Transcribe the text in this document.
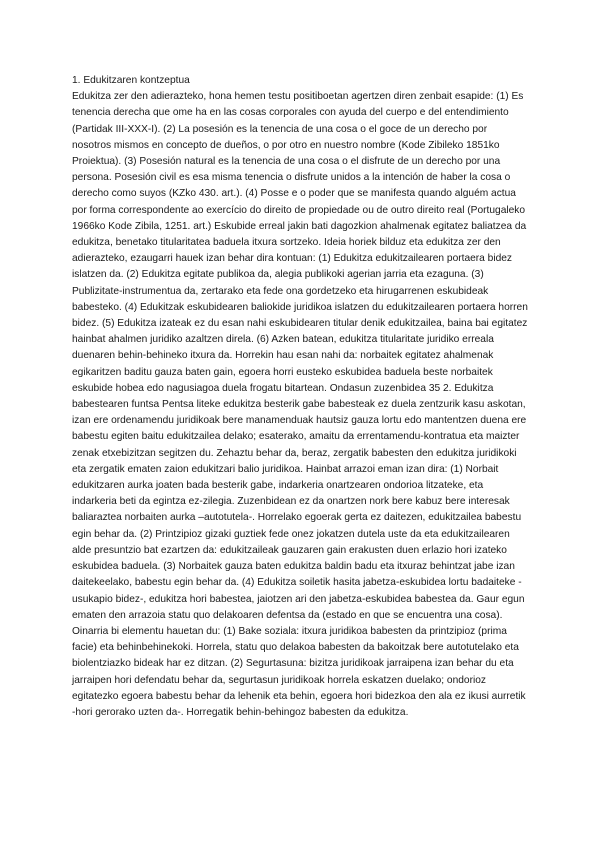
1. Edukitzaren kontzeptua

Edukitza zer den adierazteko, hona hemen testu positiboetan agertzen diren zenbait esapide: (1) Es tenencia derecha que ome ha en las cosas corporales con ayuda del cuerpo e del entendimiento (Partidak III-XXX-I). (2) La posesión es la tenencia de una cosa o el goce de un derecho por nosotros mismos en concepto de dueños, o por otro en nuestro nombre (Kode Zibileko 1851ko Proiektua). (3) Posesión natural es la tenencia de una cosa o el disfrute de un derecho por una persona. Posesión civil es esa misma tenencia o disfrute unidos a la intención de haber la cosa o derecho como suyos (KZko 430. art.). (4) Posse e o poder que se manifesta quando alguém actua por forma correspondente ao exercício do direito de propiedade ou de outro direito real (Portugaleko 1966ko Kode Zibila, 1251. art.) Eskubide erreal jakin bati dagozkion ahalmenak egitatez baliatzea da edukitza, benetako titularitatea baduela itxura sortzeko. Ideia horiek bilduz eta edukitza zer den adierazteko, ezaugarri hauek izan behar dira kontuan: (1) Edukitza edukitzailearen portaera bidez islatzen da. (2) Edukitza egitate publikoa da, alegia publikoki agerian jarria eta ezaguna. (3) Publizitate-instrumentua da, zertarako eta fede ona gordetzeko eta hirugarrenen eskubideak babesteko. (4) Edukitzak eskubidearen baliokide juridikoa islatzen du edukitzailearen portaera horren bidez. (5) Edukitza izateak ez du esan nahi eskubidearen titular denik edukitzailea, baina bai egitatez hainbat ahalmen juridiko azaltzen direla. (6) Azken batean, edukitza titularitate juridiko erreala duenaren behin-behineko itxura da. Horrekin hau esan nahi da: norbaitek egitatez ahalmenak egikaritzen baditu gauza baten gain, egoera horri eusteko eskubidea baduela beste norbaitek eskubide hobea edo nagusiagoa duela frogatu bitartean. Ondasun zuzenbidea 35 2. Edukitza babestearen funtsa Pentsa liteke edukitza besterik gabe babesteak ez duela zentzurik kasu askotan, izan ere ordenamendu juridikoak bere manamenduak hautsiz gauza lortu edo mantentzen duena ere babestu egiten baitu edukitzailea delako; esaterako, amaitu da errentamendu-kontratua eta maizter zenak etxebizitzan segitzen du. Zehaztu behar da, beraz, zergatik babesten den edukitza juridikoki eta zergatik ematen zaion edukitzari balio juridikoa. Hainbat arrazoi eman izan dira: (1) Norbait edukitzaren aurka joaten bada besterik gabe, indarkeria onartzearen ondorioa litzateke, eta indarkeria beti da egintza ez-zilegia. Zuzenbidean ez da onartzen nork bere kabuz bere interesak baliaraztea norbaiten aurka –autotutela-. Horrelako egoerak gerta ez daitezen, edukitzailea babestu egin behar da. (2) Printzipioz gizaki guztiek fede onez jokatzen dutela uste da eta edukitzailearen alde presuntzio bat ezartzen da: edukitzaileak gauzaren gain erakusten duen erlazio hori izateko eskubidea baduela. (3) Norbaitek gauza baten edukitza baldin badu eta itxuraz behintzat jabe izan daitekeelako, babestu egin behar da. (4) Edukitza soiletik hasita jabetza-eskubidea lortu badaiteke -usukapio bidez-, edukitza hori babestea, jaiotzen ari den jabetza-eskubidea babestea da. Gaur egun ematen den arrazoia statu quo delakoaren defentsa da (estado en que se encuentra una cosa). Oinarria bi elementu hauetan du: (1) Bake soziala: itxura juridikoa babesten da printzipioz (prima facie) eta behinbehinekoki. Horrela, statu quo delakoa babesten da bakoitzak bere autotutelako eta biolentziazko bideak har ez ditzan. (2) Segurtasuna: bizitza juridikoak jarraipena izan behar du eta jarraipen hori defendatu behar da, segurtasun juridikoak horrela eskatzen duelako; ondorioz egitatezko egoera babestu behar da lehenik eta behin, egoera hori bidezkoa den ala ez ikusi aurretik -hori gerorako uzten da-. Horregatik behin-behingoz babesten da edukitza.
